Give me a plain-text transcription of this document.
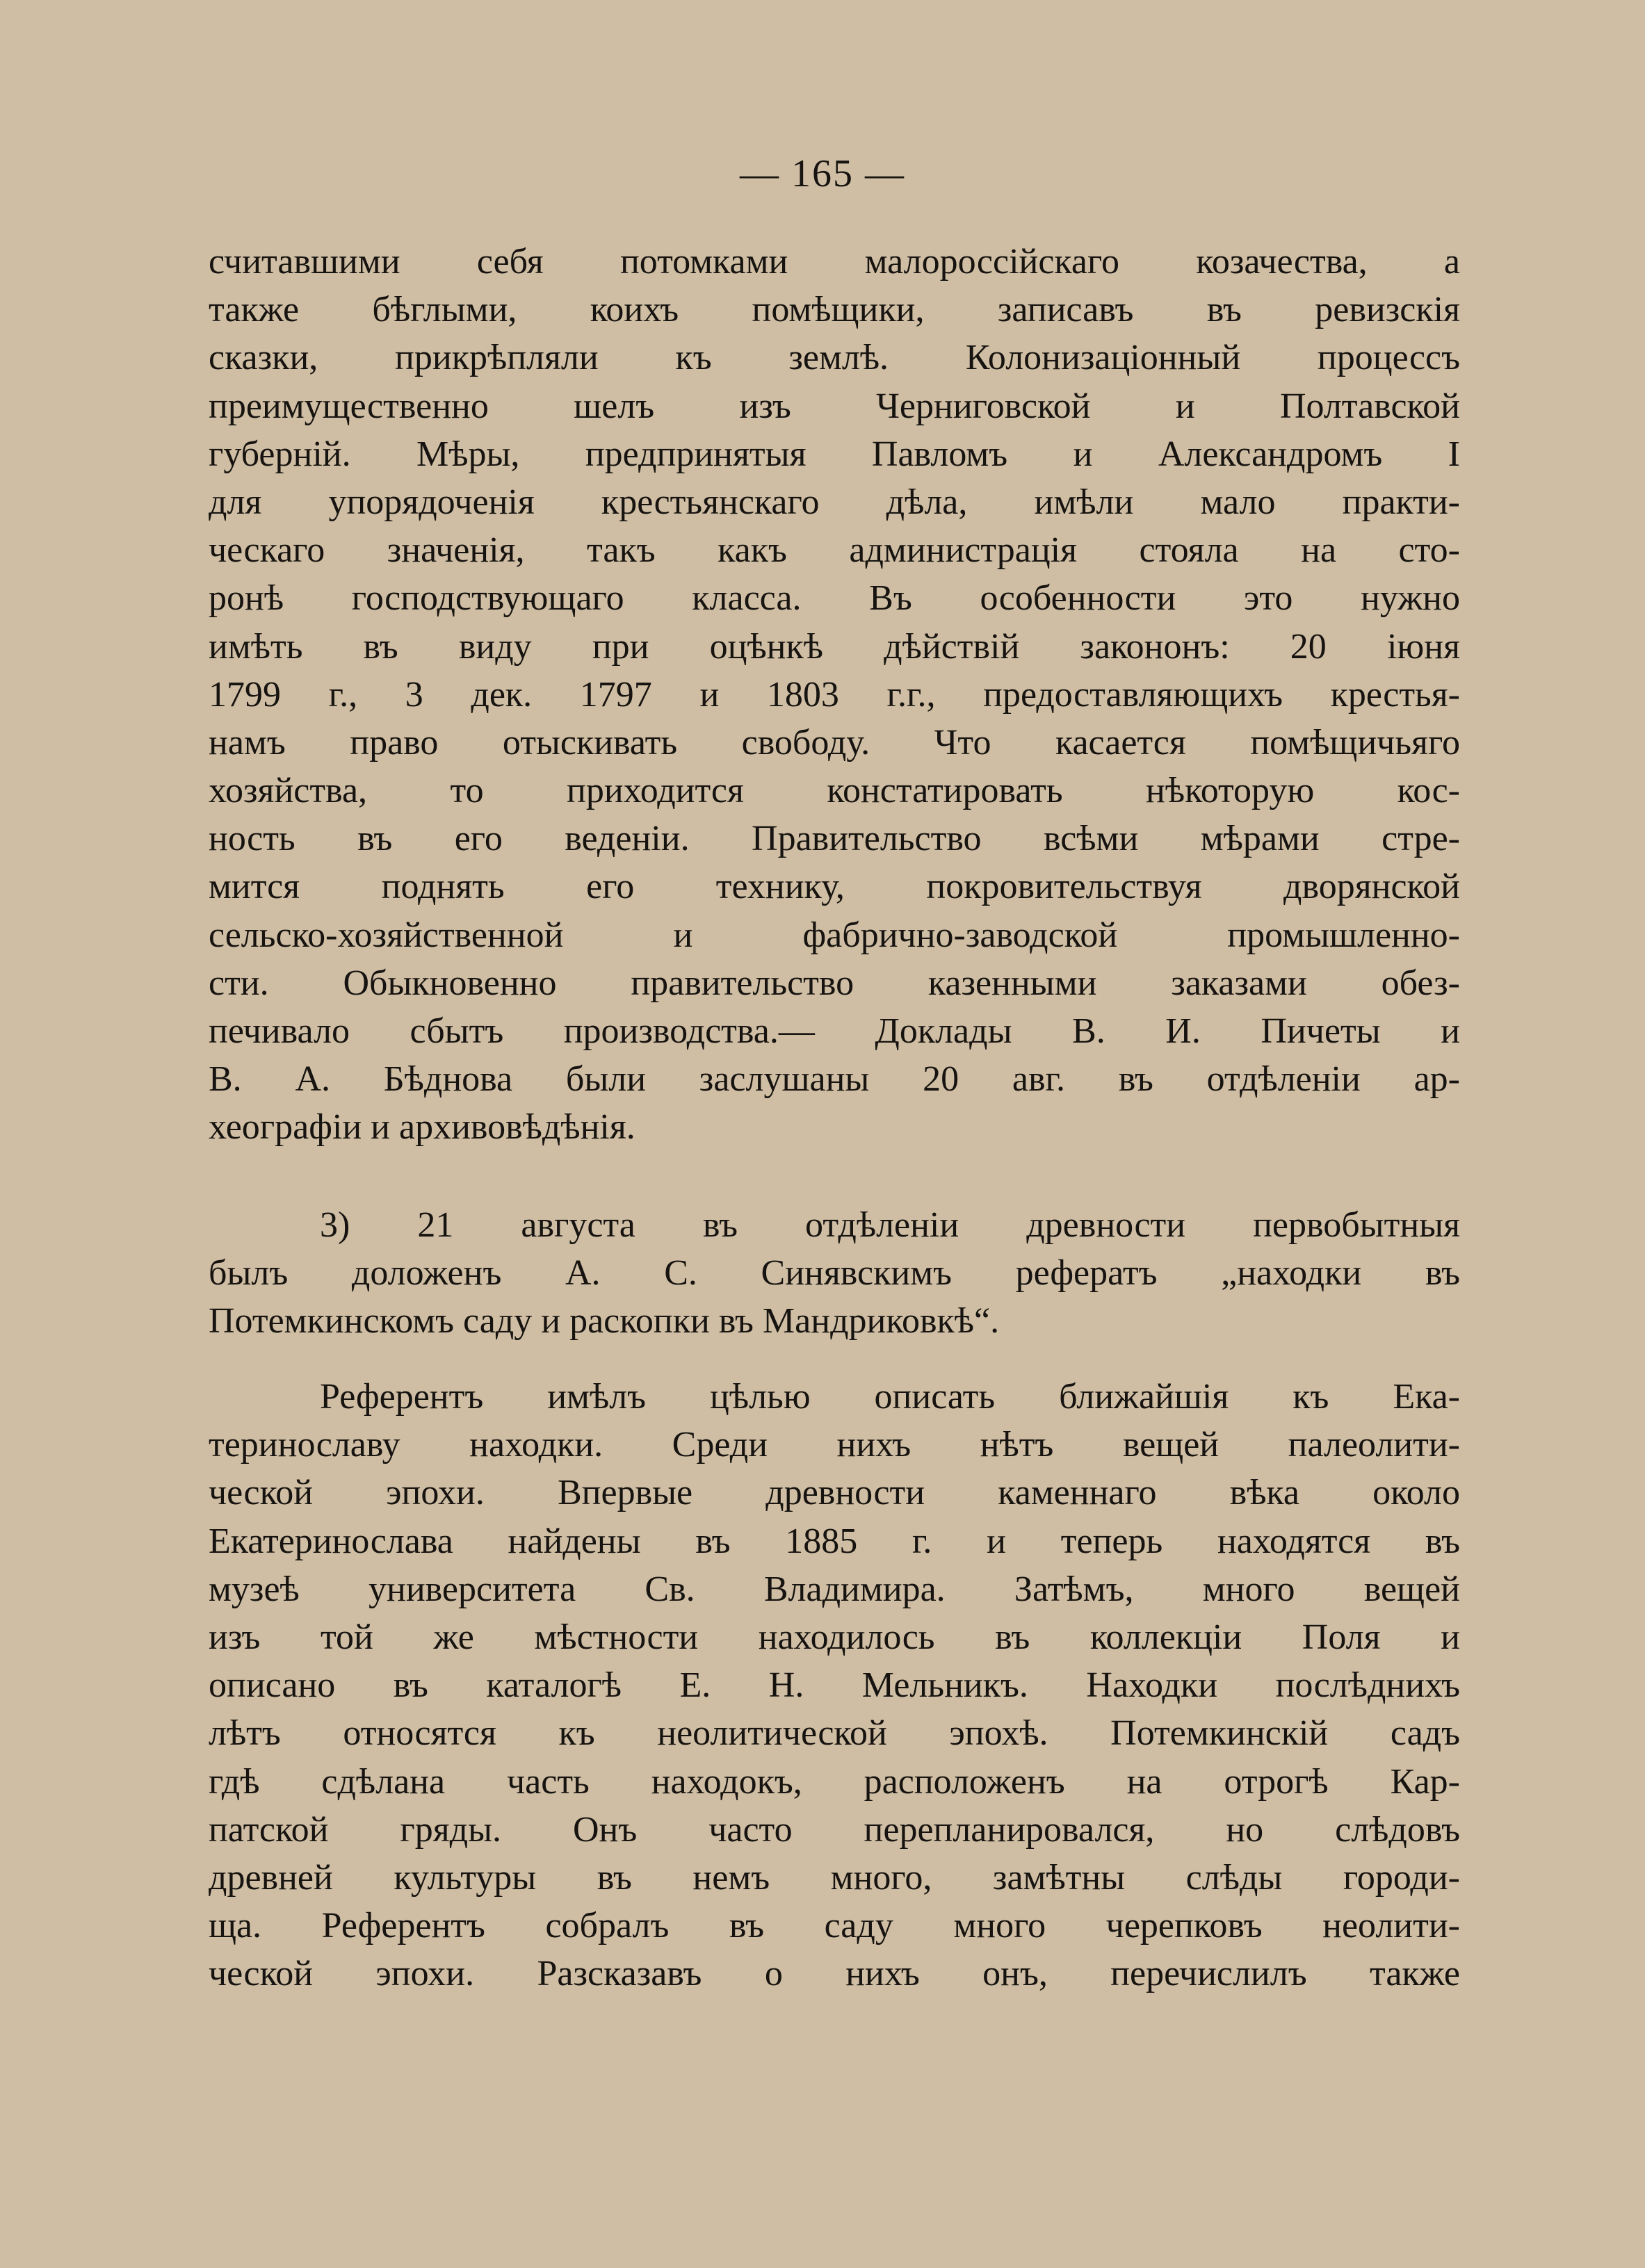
— 165 —
считавшими себя потомками малороссійскаго козачества, а
также бѣглыми, коихъ помѣщики, записавъ въ ревизскія
сказки, прикрѣпляли къ землѣ. Колонизаціонный процессъ
преимущественно шелъ изъ Черниговской и Полтавской
губерній. Мѣры, предпринятыя Павломъ и Александромъ I
для упорядоченія крестьянскаго дѣла, имѣли мало практи-
ческаго значенія, такъ какъ администрація стояла на сто-
ронѣ господствующаго класса. Въ особенности это нужно
имѣть въ виду при оцѣнкѣ дѣйствій закононъ: 20 іюня
1799 г., 3 дек. 1797 и 1803 г.г., предоставляющихъ крестья-
намъ право отыскивать свободу. Что касается помѣщичьяго
хозяйства, то приходится констатировать нѣкоторую кос-
ность въ его веденіи. Правительство всѣми мѣрами стре-
мится поднять его технику, покровительствуя дворянской
сельско-хозяйственной и фабрично-заводской промышленно-
сти. Обыкновенно правительство казенными заказами обез-
печивало сбытъ производства.— Доклады В. И. Пичеты и
В. А. Бѣднова были заслушаны 20 авг. въ отдѣленіи ар-
хеографіи и архивовѣдѣнія.
3) 21 августа въ отдѣленіи древности первобытныя
былъ доложенъ А. С. Синявскимъ рефератъ „находки въ
Потемкинскомъ саду и раскопки въ Мандриковкѣ“.
Референтъ имѣлъ цѣлью описать ближайшія къ Ека-
теринославу находки. Среди нихъ нѣтъ вещей палеолити-
ческой эпохи. Впервые древности каменнаго вѣка около
Екатеринослава найдены въ 1885 г. и теперь находятся въ
музеѣ университета Св. Владимира. Затѣмъ, много вещей
изъ той же мѣстности находилось въ коллекціи Поля и
описано въ каталогѣ Е. Н. Мельникъ. Находки послѣднихъ
лѣтъ относятся къ неолитической эпохѣ. Потемкинскій садъ
гдѣ сдѣлана часть находокъ, расположенъ на отрогѣ Кар-
патской гряды. Онъ часто перепланировался, но слѣдовъ
древней культуры въ немъ много, замѣтны слѣды городи-
ща. Референтъ собралъ въ саду много черепковъ неолити-
ческой эпохи. Разсказавъ о нихъ онъ, перечислилъ также
